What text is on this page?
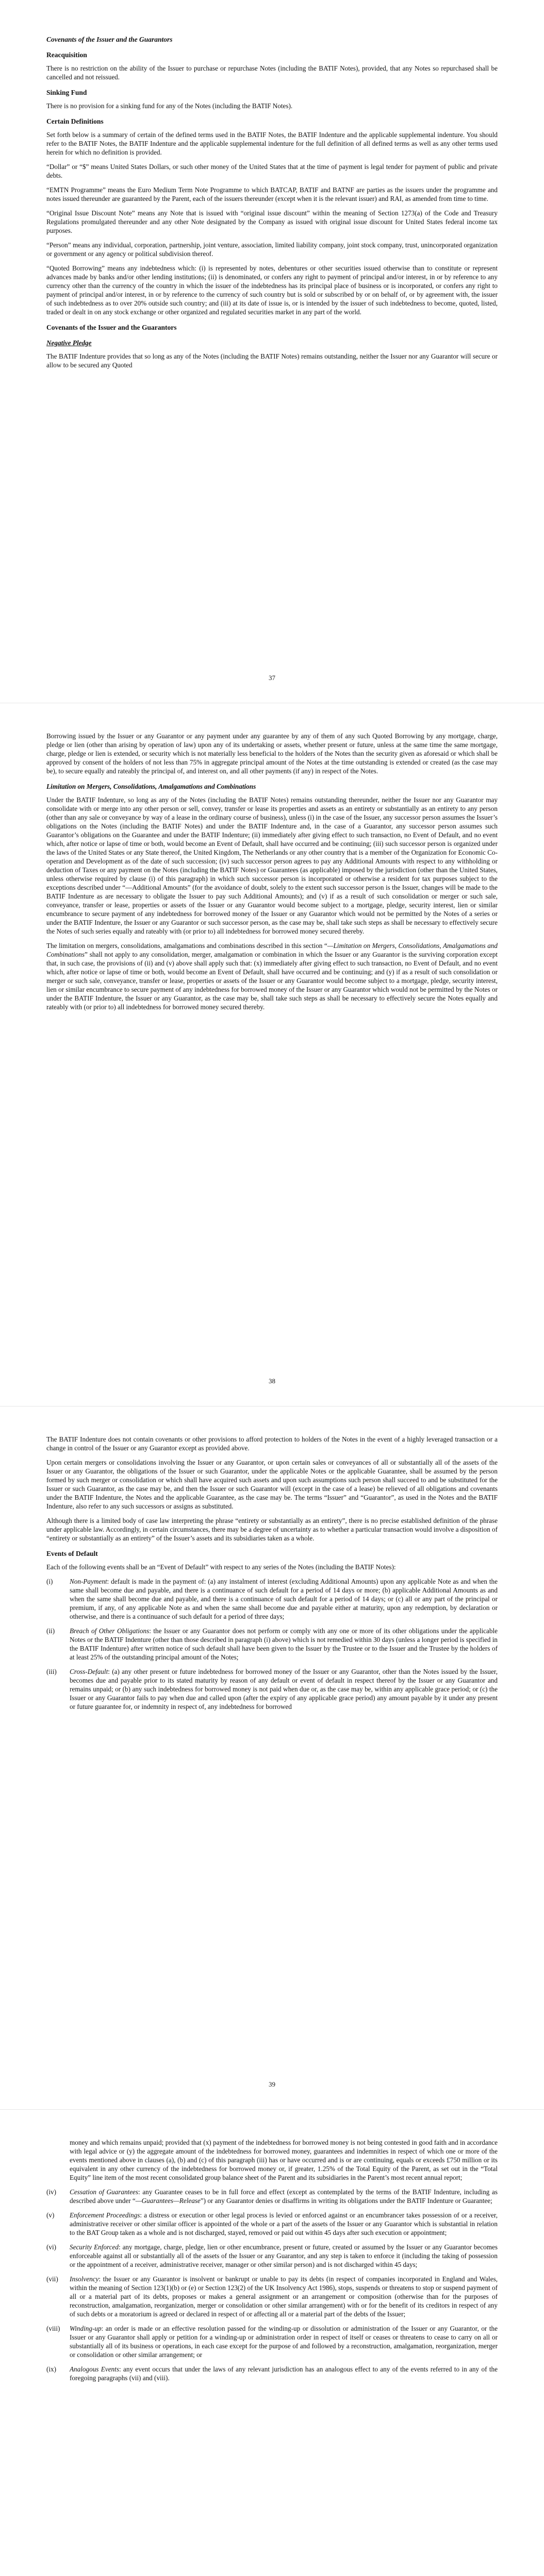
Covenants of the Issuer and the Guarantors
Reacquisition

There is no restriction on the ability of the Issuer to purchase or repurchase Notes (including the BATIF Notes), provided, that any Notes so repurchased shall be cancelled and not reissued.

Sinking Fund

There is no provision for a sinking fund for any of the Notes (including the BATIF Notes).

Certain Definitions

Set forth below is a summary of certain of the defined terms used in the BATIF Notes, the BATIF Indenture and the applicable supplemental indenture. You should refer to the BATIF Notes, the BATIF Indenture and the applicable supplemental indenture for the full definition of all defined terms as well as any other terms used herein for which no definition is provided.

“Dollar” or “$” means United States Dollars, or such other money of the United States that at the time of payment is legal tender for payment of public and private debts.

“EMTN Programme” means the Euro Medium Term Note Programme to which BATCAP, BATIF and BATNF are parties as the issuers under the programme and notes issued thereunder are guaranteed by the Parent, each of the issuers thereunder (except when it is the relevant issuer) and RAI, as amended from time to time.

“Original Issue Discount Note” means any Note that is issued with “original issue discount” within the meaning of Section 1273(a) of the Code and Treasury Regulations promulgated thereunder and any other Note designated by the Company as issued with original issue discount for United States federal income tax purposes.

“Person” means any individual, corporation, partnership, joint venture, association, limited liability company, joint stock company, trust, unincorporated organization or government or any agency or political subdivision thereof.

“Quoted Borrowing” means any indebtedness which: (i) is represented by notes, debentures or other securities issued otherwise than to constitute or represent advances made by banks and/or other lending institutions; (ii) is denominated, or confers any right to payment of principal and/or interest, in or by reference to any currency other than the currency of the country in which the issuer of the indebtedness has its principal place of business or is incorporated, or confers any right to payment of principal and/or interest, in or by reference to the currency of such country but is sold or subscribed by or on behalf of, or by agreement with, the issuer of such indebtedness as to over 20% outside such country; and (iii) at its date of issue is, or is intended by the issuer of such indebtedness to become, quoted, listed, traded or dealt in on any stock exchange or other organized and regulated securities market in any part of the world.

Covenants of the Issuer and the Guarantors
Negative Pledge

The BATIF Indenture provides that so long as any of the Notes (including the BATIF Notes) remains outstanding, neither the Issuer nor any Guarantor will secure or allow to be secured any Quoted

37

Borrowing issued by the Issuer or any Guarantor or any payment under any guarantee by any of them of any such Quoted Borrowing by any mortgage, charge, pledge or lien (other than arising by operation of law) upon any of its undertaking or assets, whether present or future, unless at the same time the same mortgage, charge, pledge or lien is extended, or security which is not materially less beneficial to the holders of the Notes than the security given as aforesaid or which shall be approved by consent of the holders of not less than 75% in aggregate principal amount of the Notes at the time outstanding is extended or created (as the case may be), to secure equally and rateably the principal of, and interest on, and all other payments (if any) in respect of the Notes.

Limitation on Mergers, Consolidations, Amalgamations and Combinations

Under the BATIF Indenture, so long as any of the Notes (including the BATIF Notes) remains outstanding thereunder, neither the Issuer nor any Guarantor may consolidate with or merge into any other person or sell, convey, transfer or lease its properties and assets as an entirety or substantially as an entirety to any person (other than any sale or conveyance by way of a lease in the ordinary course of business), unless (i) in the case of the Issuer, any successor person assumes the Issuer’s obligations on the Notes (including the BATIF Notes) and under the BATIF Indenture and, in the case of a Guarantor, any successor person assumes such Guarantor’s obligations on the Guarantee and under the BATIF Indenture; (ii) immediately after giving effect to such transaction, no Event of Default, and no event which, after notice or lapse of time or both, would become an Event of Default, shall have occurred and be continuing; (iii) such successor person is organized under the laws of the United States or any State thereof, the United Kingdom, The Netherlands or any other country that is a member of the Organization for Economic Co-operation and Development as of the date of such succession; (iv) such successor person agrees to pay any Additional Amounts with respect to any withholding or deduction of Taxes or any payment on the Notes (including the BATIF Notes) or Guarantees (as applicable) imposed by the jurisdiction (other than the United States, unless otherwise required by clause (i) of this paragraph) in which such successor person is incorporated or otherwise a resident for tax purposes subject to the exceptions described under “—Additional Amounts” (for the avoidance of doubt, solely to the extent such successor person is the Issuer, changes will be made to the BATIF Indenture as are necessary to obligate the Issuer to pay such Additional Amounts); and (v) if as a result of such consolidation or merger or such sale, conveyance, transfer or lease, properties or assets of the Issuer or any Guarantor would become subject to a mortgage, pledge, security interest, lien or similar encumbrance to secure payment of any indebtedness for borrowed money of the Issuer or any Guarantor which would not be permitted by the Notes of a series or under the BATIF Indenture, the Issuer or any Guarantor or such successor person, as the case may be, shall take such steps as shall be necessary to effectively secure the Notes of such series equally and rateably with (or prior to) all indebtedness for borrowed money secured thereby.

The limitation on mergers, consolidations, amalgamations and combinations described in this section “—Limitation on Mergers, Consolidations, Amalgamations and Combinations” shall not apply to any consolidation, merger, amalgamation or combination in which the Issuer or any Guarantor is the surviving corporation except that, in such case, the provisions of (ii) and (v) above shall apply such that: (x) immediately after giving effect to such transaction, no Event of Default, and no event which, after notice or lapse of time or both, would become an Event of Default, shall have occurred and be continuing; and (y) if as a result of such consolidation or merger or such sale, conveyance, transfer or lease, properties or assets of the Issuer or any Guarantor would become subject to a mortgage, pledge, security interest, lien or similar encumbrance to secure payment of any indebtedness for borrowed money of the Issuer or any Guarantor which would not be permitted by the Notes or under the BATIF Indenture, the Issuer or any Guarantor, as the case may be, shall take such steps as shall be necessary to effectively secure the Notes equally and rateably with (or prior to) all indebtedness for borrowed money secured thereby.

38

The BATIF Indenture does not contain covenants or other provisions to afford protection to holders of the Notes in the event of a highly leveraged transaction or a change in control of the Issuer or any Guarantor except as provided above.

Upon certain mergers or consolidations involving the Issuer or any Guarantor, or upon certain sales or conveyances of all or substantially all of the assets of the Issuer or any Guarantor, the obligations of the Issuer or such Guarantor, under the applicable Notes or the applicable Guarantee, shall be assumed by the person formed by such merger or consolidation or which shall have acquired such assets and upon such assumptions such person shall succeed to and be substituted for the Issuer or such Guarantor, as the case may be, and then the Issuer or such Guarantor will (except in the case of a lease) be relieved of all obligations and covenants under the BATIF Indenture, the Notes and the applicable Guarantee, as the case may be. The terms “Issuer” and “Guarantor”, as used in the Notes and the BATIF Indenture, also refer to any such successors or assigns as substituted.

Although there is a limited body of case law interpreting the phrase “entirety or substantially as an entirety”, there is no precise established definition of the phrase under applicable law. Accordingly, in certain circumstances, there may be a degree of uncertainty as to whether a particular transaction would involve a disposition of “entirety or substantially as an entirety” of the Issuer’s assets and its subsidiaries taken as a whole.

Events of Default

Each of the following events shall be an “Event of Default” with respect to any series of the Notes (including the BATIF Notes):

(i)	Non-Payment: default is made in the payment of: (a) any instalment of interest (excluding Additional Amounts) upon any applicable Note as and when the same shall become due and payable, and there is a continuance of such default for a period of 14 days or more; (b) applicable Additional Amounts as and when the same shall become due and payable, and there is a continuance of such default for a period of 14 days; or (c) all or any part of the principal or premium, if any, of any applicable Note as and when the same shall become due and payable either at maturity, upon any redemption, by declaration or otherwise, and there is a continuance of such default for a period of three days;
(ii)	Breach of Other Obligations: the Issuer or any Guarantor does not perform or comply with any one or more of its other obligations under the applicable Notes or the BATIF Indenture (other than those described in paragraph (i) above) which is not remedied within 30 days (unless a longer period is specified in the BATIF Indenture) after written notice of such default shall have been given to the Issuer by the Trustee or to the Issuer and the Trustee by the holders of at least 25% of the outstanding principal amount of the Notes;
(iii)	Cross-Default: (a) any other present or future indebtedness for borrowed money of the Issuer or any Guarantor, other than the Notes issued by the Issuer, becomes due and payable prior to its stated maturity by reason of any default or event of default in respect thereof by the Issuer or any Guarantor and remains unpaid; or (b) any such indebtedness for borrowed money is not paid when due or, as the case may be, within any applicable grace period; or (c) the Issuer or any Guarantor fails to pay when due and called upon (after the expiry of any applicable grace period) any amount payable by it under any present or future guarantee for, or indemnity in respect of, any indebtedness for borrowed
39

money and which remains unpaid; provided that (x) payment of the indebtedness for borrowed money is not being contested in good faith and in accordance with legal advice or (y) the aggregate amount of the indebtedness for borrowed money, guarantees and indemnities in respect of which one or more of the events mentioned above in clauses (a), (b) and (c) of this paragraph (iii) has or have occurred and is or are continuing, equals or exceeds £750 million or its equivalent in any other currency of the indebtedness for borrowed money or, if greater, 1.25% of the Total Equity of the Parent, as set out in the “Total Equity” line item of the most recent consolidated group balance sheet of the Parent and its subsidiaries in the Parent’s most recent annual report;

(iv)	Cessation of Guarantees: any Guarantee ceases to be in full force and effect (except as contemplated by the terms of the BATIF Indenture, including as described above under “—Guarantees—Release”) or any Guarantor denies or disaffirms in writing its obligations under the BATIF Indenture or Guarantee;
(v)	Enforcement Proceedings: a distress or execution or other legal process is levied or enforced against or an encumbrancer takes possession of or a receiver, administrative receiver or other similar officer is appointed of the whole or a part of the assets of the Issuer or any Guarantor which is substantial in relation to the BAT Group taken as a whole and is not discharged, stayed, removed or paid out within 45 days after such execution or appointment;
(vi)	Security Enforced: any mortgage, charge, pledge, lien or other encumbrance, present or future, created or assumed by the Issuer or any Guarantor becomes enforceable against all or substantially all of the assets of the Issuer or any Guarantor, and any step is taken to enforce it (including the taking of possession or the appointment of a receiver, administrative receiver, manager or other similar person) and is not discharged within 45 days;
(vii)	Insolvency: the Issuer or any Guarantor is insolvent or bankrupt or unable to pay its debts (in respect of companies incorporated in England and Wales, within the meaning of Section 123(1)(b) or (e) or Section 123(2) of the UK Insolvency Act 1986), stops, suspends or threatens to stop or suspend payment of all or a material part of its debts, proposes or makes a general assignment or an arrangement or composition (otherwise than for the purposes of reconstruction, amalgamation, reorganization, merger or consolidation or other similar arrangement) with or for the benefit of its creditors in respect of any of such debts or a moratorium is agreed or declared in respect of or affecting all or a material part of the debts of the Issuer;
(viii)	Winding-up: an order is made or an effective resolution passed for the winding-up or dissolution or administration of the Issuer or any Guarantor, or the Issuer or any Guarantor shall apply or petition for a winding-up or administration order in respect of itself or ceases or threatens to cease to carry on all or substantially all of its business or operations, in each case except for the purpose of and followed by a reconstruction, amalgamation, reorganization, merger or consolidation or other similar arrangement; or
(ix)	Analogous Events: any event occurs that under the laws of any relevant jurisdiction has an analogous effect to any of the events referred to in any of the foregoing paragraphs (vii) and (viii).
